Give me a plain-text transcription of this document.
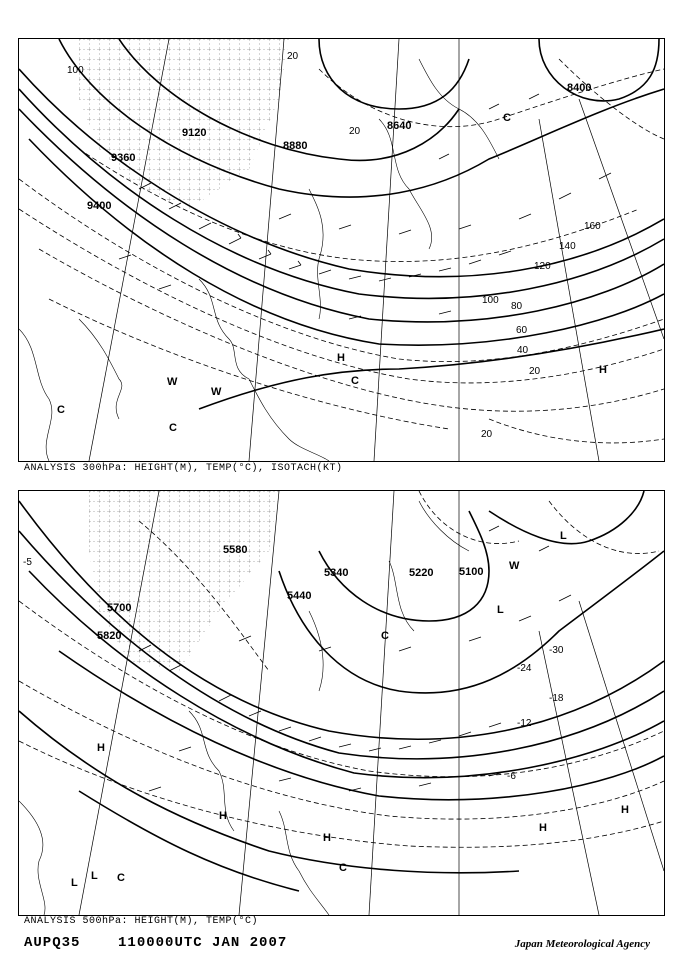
9120
8880
8640
8400
9400
100
9360
20
40
60
80
100
120
140
160
20
20
20
H
C
C
W
W
H
C
C
ANALYSIS 300hPa: HEIGHT(M), TEMP(°C), ISOTACH(KT)
5820
5700
5580
5440
5340	5220 5100
-30
-18
-12
-6
-24
-5
H
L C
L
C
W
L
H
H
H
H
C
L
ANALYSIS 500hPa: HEIGHT(M), TEMP(°C)
AUPQ35	110000UTC JAN 2007	Japan Meteorological Agency
